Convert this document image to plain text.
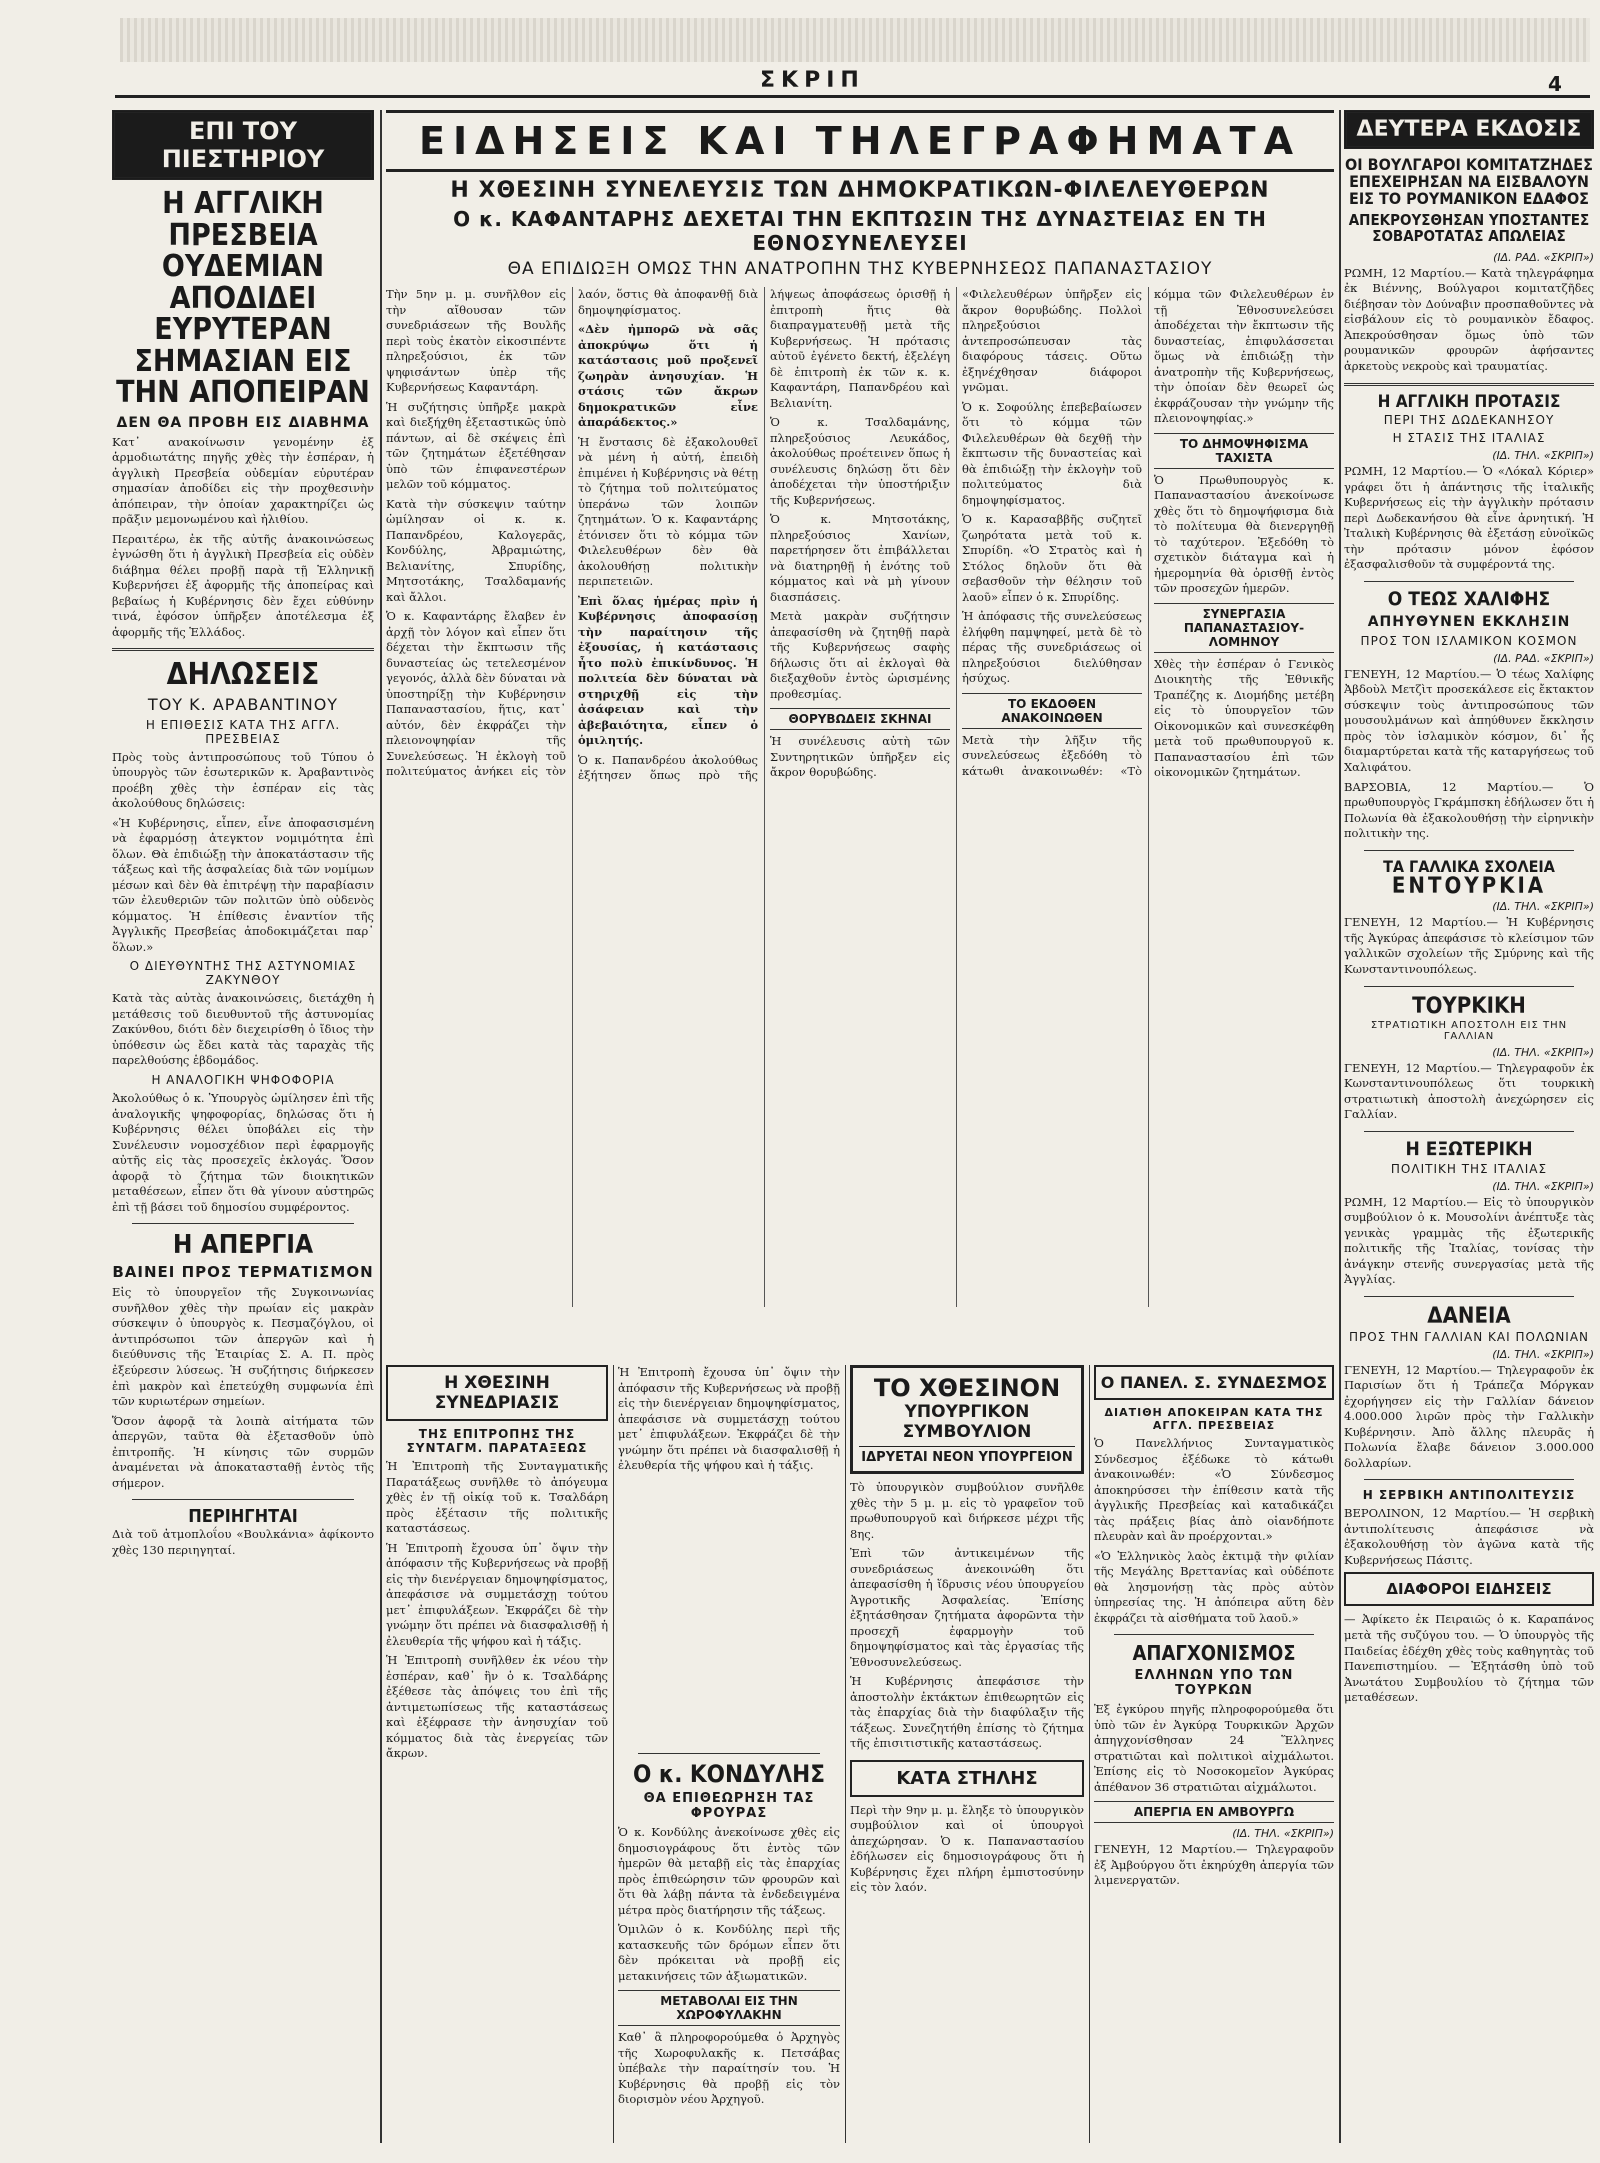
ΣΚΡΙΠ	4
ΕΠΙ ΤΟΥ ΠΙΕΣΤΗΡΙΟΥ
Η ΑΓΓΛΙΚΗ ΠΡΕΣΒΕΙΑ ΟΥΔΕΜΙΑΝ ΑΠΟΔΙΔΕΙ ΕΥΡΥΤΕΡΑΝ ΣΗΜΑΣΙΑΝ ΕΙΣ ΤΗΝ ΑΠΟΠΕΙΡΑΝ
ΔΕΝ ΘΑ ΠΡΟΒΗ ΕΙΣ ΔΙΑΒΗΜΑ

Κατ᾽ ανακοίνωσιν γενομένην ἐξ ἁρμοδιωτάτης πηγῆς χθὲς τὴν ἑσπέραν, ἡ ἀγγλικὴ Πρεσβεία οὐδεμίαν εὐρυτέραν σημασίαν ἀποδίδει εἰς τὴν προχθεσινὴν ἀπόπειραν, τὴν ὁποίαν χαρακτηρίζει ὡς πρᾶξιν μεμονωμένου καὶ ἠλιθίου.

Περαιτέρω, ἐκ τῆς αὐτῆς ἀνακοινώσεως ἐγνώσθη ὅτι ἡ ἀγγλικὴ Πρεσβεία εἰς οὐδὲν διάβημα θέλει προβῇ παρὰ τῇ Ἑλληνικῇ Κυβερνήσει ἐξ ἀφορμῆς τῆς ἀποπείρας καὶ βεβαίως ἡ Κυβέρνησις δὲν ἔχει εὐθύνην τινά, ἐφόσον ὑπῆρξεν ἀποτέλεσμα ἐξ ἀφορμῆς τῆς Ἑλλάδος.

ΔΗΛΩΣΕΙΣ
ΤΟΥ Κ. ΑΡΑΒΑΝΤΙΝΟΥ
Η ΕΠΙΘΕΣΙΣ ΚΑΤΑ ΤΗΣ ΑΓΓΛ. ΠΡΕΣΒΕΙΑΣ

Πρὸς τοὺς ἀντιπροσώπους τοῦ Τύπου ὁ ὑπουργὸς τῶν ἐσωτερικῶν κ. Ἀραβαντινὸς προέβη χθὲς τὴν ἑσπέραν εἰς τὰς ἀκολούθους δηλώσεις:

«Ἡ Κυβέρνησις, εἶπεν, εἶνε ἀποφασισμένη νὰ ἐφαρμόσῃ ἀτεγκτον νομιμότητα ἐπὶ ὅλων. Θὰ ἐπιδιώξῃ τὴν ἀποκατάστασιν τῆς τάξεως καὶ τῆς ἀσφαλείας διὰ τῶν νομίμων μέσων καὶ δὲν θὰ ἐπιτρέψῃ τὴν παραβίασιν τῶν ἐλευθεριῶν τῶν πολιτῶν ὑπὸ οὐδενὸς κόμματος. Ἡ ἐπίθεσις ἐναντίον τῆς Ἀγγλικῆς Πρεσβείας ἀποδοκιμάζεται παρ᾽ ὅλων.»

Ο ΔΙΕΥΘΥΝΤΗΣ ΤΗΣ ΑΣΤΥΝΟΜΙΑΣ ΖΑΚΥΝΘΟΥ

Κατὰ τὰς αὐτὰς ἀνακοινώσεις, διετάχθη ἡ μετάθεσις τοῦ διευθυντοῦ τῆς ἀστυνομίας Ζακύνθου, διότι δὲν διεχειρίσθη ὁ ἴδιος τὴν ὑπόθεσιν ὡς ἔδει κατὰ τὰς ταραχὰς τῆς παρελθούσης ἑβδομάδος.

Η ΑΝΑΛΟΓΙΚΗ ΨΗΦΟΦΟΡΙΑ

Ἀκολούθως ὁ κ. Ὑπουργὸς ὡμίλησεν ἐπὶ τῆς ἀναλογικῆς ψηφοφορίας, δηλώσας ὅτι ἡ Κυβέρνησις θέλει ὑποβάλει εἰς τὴν Συνέλευσιν νομοσχέδιον περὶ ἐφαρμογῆς αὐτῆς εἰς τὰς προσεχεῖς ἐκλογάς. Ὅσον ἀφορᾷ τὸ ζήτημα τῶν διοικητικῶν μεταθέσεων, εἶπεν ὅτι θὰ γίνουν αὐστηρῶς ἐπὶ τῇ βάσει τοῦ δημοσίου συμφέροντος.

Η ΑΠΕΡΓΙΑ
ΒΑΙΝΕΙ ΠΡΟΣ ΤΕΡΜΑΤΙΣΜΟΝ

Εἰς τὸ ὑπουργεῖον τῆς Συγκοινωνίας συνῆλθον χθὲς τὴν πρωίαν εἰς μακρὰν σύσκεψιν ὁ ὑπουργὸς κ. Πεσμαζόγλου, οἱ ἀντιπρόσωποι τῶν ἀπεργῶν καὶ ἡ διεύθυνσις τῆς Ἑταιρίας Σ. Α. Π. πρὸς ἐξεύρεσιν λύσεως. Ἡ συζήτησις διήρκεσεν ἐπὶ μακρὸν καὶ ἐπετεύχθη συμφωνία ἐπὶ τῶν κυριωτέρων σημείων.

Ὅσον ἀφορᾷ τὰ λοιπὰ αἰτήματα τῶν ἀπεργῶν, ταῦτα θὰ ἐξετασθοῦν ὑπὸ ἐπιτροπῆς. Ἡ κίνησις τῶν συρμῶν ἀναμένεται νὰ ἀποκατασταθῇ ἐντὸς τῆς σήμερον.

ΠΕΡΙΗΓΗΤΑΙ

Διὰ τοῦ ἀτμοπλοΐου «Βουλκάνια» ἀφίκοντο χθὲς 130 περιηγηταί.

ΕΙΔΗΣΕΙΣ ΚΑΙ ΤΗΛΕΓΡΑΦΗΜΑΤΑ
Η ΧΘΕΣΙΝΗ ΣΥΝΕΛΕΥΣΙΣ ΤΩΝ ΔΗΜΟΚΡΑΤΙΚΩΝ-ΦΙΛΕΛΕΥΘΕΡΩΝ
Ο κ. ΚΑΦΑΝΤΑΡΗΣ ΔΕΧΕΤΑΙ ΤΗΝ ΕΚΠΤΩΣΙΝ ΤΗΣ ΔΥΝΑΣΤΕΙΑΣ ΕΝ ΤΗ ΕΘΝΟΣΥΝΕΛΕΥΣΕΙ
ΘΑ ΕΠΙΔΙΩΞΗ ΟΜΩΣ ΤΗΝ ΑΝΑΤΡΟΠΗΝ ΤΗΣ ΚΥΒΕΡΝΗΣΕΩΣ ΠΑΠΑΝΑΣΤΑΣΙΟΥ

Τὴν 5ην μ. μ. συνῆλθον εἰς τὴν αἴθουσαν τῶν συνεδριάσεων τῆς Βουλῆς περὶ τοὺς ἑκατὸν εἰκοσιπέντε πληρεξούσιοι, ἐκ τῶν ψηφισάντων ὑπὲρ τῆς Κυβερνήσεως Καφαντάρη.

Ἡ συζήτησις ὑπῆρξε μακρὰ καὶ διεξήχθη ἐξεταστικῶς ὑπὸ πάντων, αἱ δὲ σκέψεις ἐπὶ τῶν ζητημάτων ἐξετέθησαν ὑπὸ τῶν ἐπιφανεστέρων μελῶν τοῦ κόμματος.

Κατὰ τὴν σύσκεψιν ταύτην ὡμίλησαν οἱ κ. κ. Παπανδρέου, Καλογερᾶς, Κονδύλης, Ἀβραμιώτης, Βελιανίτης, Σπυρίδης, Μητσοτάκης, Τσαλδαμανής καὶ ἄλλοι.

Ὁ κ. Καφαντάρης ἔλαβεν ἐν ἀρχῇ τὸν λόγον καὶ εἶπεν ὅτι δέχεται τὴν ἔκπτωσιν τῆς δυναστείας ὡς τετελεσμένον γεγονός, ἀλλὰ δὲν δύναται νὰ ὑποστηρίξῃ τὴν Κυβέρνησιν Παπαναστασίου, ἥτις, κατ᾽ αὐτόν, δὲν ἐκφράζει τὴν πλειονοψηφίαν τῆς Συνελεύσεως. Ἡ ἐκλογὴ τοῦ πολιτεύματος ἀνήκει εἰς τὸν λαόν, ὅστις θὰ ἀποφανθῇ διὰ δημοψηφίσματος.

«Δὲν ἠμπορῶ νὰ σᾶς ἀποκρύψω ὅτι ἡ κατάστασις μοῦ προξενεῖ ζωηρὰν ἀνησυχίαν. Ἡ στάσις τῶν ἄκρων δημοκρατικῶν εἶνε ἀπαράδεκτος.»

Ἡ ἔνστασις δὲ ἐξακολουθεῖ νὰ μένη ἡ αὐτή, ἐπειδὴ ἐπιμένει ἡ Κυβέρνησις νὰ θέτῃ τὸ ζήτημα τοῦ πολιτεύματος ὑπεράνω τῶν λοιπῶν ζητημάτων. Ὁ κ. Καφαντάρης ἐτόνισεν ὅτι τὸ κόμμα τῶν Φιλελευθέρων δὲν θὰ ἀκολουθήσῃ πολιτικὴν περιπετειῶν.

Ἐπὶ ὅλας ἡμέρας πρὶν ἡ Κυβέρνησις ἀποφασίσῃ τὴν παραίτησιν τῆς ἐξουσίας, ἡ κατάστασις ἦτο πολὺ ἐπικίνδυνος. Ἡ πολιτεία δὲν δύναται νὰ στηριχθῇ εἰς τὴν ἀσάφειαν καὶ τὴν ἀβεβαιότητα, εἶπεν ὁ ὁμιλητής.

Ὁ κ. Παπανδρέου ἀκολούθως ἐξήτησεν ὅπως πρὸ τῆς λήψεως ἀποφάσεως ὁρισθῇ ἡ ἐπιτροπὴ ἥτις θὰ διαπραγματευθῇ μετὰ τῆς Κυβερνήσεως. Ἡ πρότασις αὐτοῦ ἐγένετο δεκτή, ἐξελέγη δὲ ἐπιτροπὴ ἐκ τῶν κ. κ. Καφαντάρη, Παπανδρέου καὶ Βελιανίτη.

Ὁ κ. Τσαλδαμάνης, πληρεξούσιος Λευκάδος, ἀκολούθως προέτεινεν ὅπως ἡ συνέλευσις δηλώσῃ ὅτι δὲν ἀποδέχεται τὴν ὑποστήριξιν τῆς Κυβερνήσεως.

Ὁ κ. Μητσοτάκης, πληρεξούσιος Χανίων, παρετήρησεν ὅτι ἐπιβάλλεται νὰ διατηρηθῇ ἡ ἑνότης τοῦ κόμματος καὶ νὰ μὴ γίνουν διασπάσεις.

Μετὰ μακρὰν συζήτησιν ἀπεφασίσθη νὰ ζητηθῇ παρὰ τῆς Κυβερνήσεως σαφὴς δήλωσις ὅτι αἱ ἐκλογαὶ θὰ διεξαχθοῦν ἐντὸς ὡρισμένης προθεσμίας.

ΘΟΡΥΒΩΔΕΙΣ ΣΚΗΝΑΙ

Ἡ συνέλευσις αὐτὴ τῶν Συντηρητικῶν ὑπῆρξεν εἰς ἄκρον θορυβώδης.

«Φιλελευθέρων ὑπῆρξεν εἰς ἄκρον θορυβώδης. Πολλοὶ πληρεξούσιοι ἀντεπροσώπευσαν τὰς διαφόρους τάσεις. Οὕτω ἐξηνέχθησαν διάφοροι γνῶμαι.

Ὁ κ. Σοφούλης ἐπεβεβαίωσεν ὅτι τὸ κόμμα τῶν Φιλελευθέρων θὰ δεχθῇ τὴν ἔκπτωσιν τῆς δυναστείας καὶ θὰ ἐπιδιώξῃ τὴν ἐκλογὴν τοῦ πολιτεύματος διὰ δημοψηφίσματος.

Ὁ κ. Καρασαββῆς συζητεῖ ζωηρότατα μετὰ τοῦ κ. Σπυρίδη. «Ὁ Στρατὸς καὶ ἡ Στόλος δηλοῦν ὅτι θὰ σεβασθοῦν τὴν θέλησιν τοῦ λαοῦ» εἶπεν ὁ κ. Σπυρίδης.

Ἡ ἀπόφασις τῆς συνελεύσεως ἐλήφθη παμψηφεί, μετὰ δὲ τὸ πέρας τῆς συνεδριάσεως οἱ πληρεξούσιοι διελύθησαν ἡσύχως.

ΤΟ ΕΚΔΟΘΕΝ ΑΝΑΚΟΙΝΩΘΕΝ

Μετὰ τὴν λῆξιν τῆς συνελεύσεως ἐξεδόθη τὸ κάτωθι ἀνακοινωθέν: «Τὸ κόμμα τῶν Φιλελευθέρων ἐν τῇ Ἐθνοσυνελεύσει ἀποδέχεται τὴν ἔκπτωσιν τῆς δυναστείας, ἐπιφυλάσσεται ὅμως νὰ ἐπιδιώξῃ τὴν ἀνατροπὴν τῆς Κυβερνήσεως, τὴν ὁποίαν δὲν θεωρεῖ ὡς ἐκφράζουσαν τὴν γνώμην τῆς πλειονοψηφίας.»

ΤΟ ΔΗΜΟΨΗΦΙΣΜΑ ΤΑΧΙΣΤΑ

Ὁ Πρωθυπουργὸς κ. Παπαναστασίου ἀνεκοίνωσε χθὲς ὅτι τὸ δημοψήφισμα διὰ τὸ πολίτευμα θὰ διενεργηθῇ τὸ ταχύτερον. Ἐξεδόθη τὸ σχετικὸν διάταγμα καὶ ἡ ἡμερομηνία θὰ ὁρισθῇ ἐντὸς τῶν προσεχῶν ἡμερῶν.

ΣΥΝΕΡΓΑΣΙΑ ΠΑΠΑΝΑΣΤΑΣΙΟΥ-ΛΟΜΗΝΟΥ

Χθὲς τὴν ἑσπέραν ὁ Γενικὸς Διοικητὴς τῆς Ἐθνικῆς Τραπέζης κ. Διομήδης μετέβη εἰς τὸ ὑπουργεῖον τῶν Οἰκονομικῶν καὶ συνεσκέφθη μετὰ τοῦ πρωθυπουργοῦ κ. Παπαναστασίου ἐπὶ τῶν οἰκονομικῶν ζητημάτων.

Η ΧΘΕΣΙΝΗ ΣΥΝΕΔΡΙΑΣΙΣ
ΤΗΣ ΕΠΙΤΡΟΠΗΣ ΤΗΣ ΣΥΝΤΑΓΜ. ΠΑΡΑΤΑΞΕΩΣ

Ἡ Ἐπιτροπὴ τῆς Συνταγματικῆς Παρατάξεως συνῆλθε τὸ ἀπόγευμα χθὲς ἐν τῇ οἰκίᾳ τοῦ κ. Τσαλδάρη πρὸς ἐξέτασιν τῆς πολιτικῆς καταστάσεως.

Ἡ Ἐπιτροπὴ ἔχουσα ὑπ᾽ ὄψιν τὴν ἀπόφασιν τῆς Κυβερνήσεως νὰ προβῇ εἰς τὴν διενέργειαν δημοψηφίσματος, ἀπεφάσισε νὰ συμμετάσχῃ τούτου μετ᾽ ἐπιφυλάξεων. Ἐκφράζει δὲ τὴν γνώμην ὅτι πρέπει νὰ διασφαλισθῇ ἡ ἐλευθερία τῆς ψήφου καὶ ἡ τάξις.

Ἡ Ἐπιτροπὴ συνῆλθεν ἐκ νέου τὴν ἑσπέραν, καθ᾽ ἣν ὁ κ. Τσαλδάρης ἐξέθεσε τὰς ἀπόψεις του ἐπὶ τῆς ἀντιμετωπίσεως τῆς καταστάσεως καὶ ἐξέφρασε τὴν ἀνησυχίαν τοῦ κόμματος διὰ τὰς ἐνεργείας τῶν ἄκρων.

Ἡ Ἐπιτροπὴ ἔχουσα ὑπ᾽ ὄψιν τὴν ἀπόφασιν τῆς Κυβερνήσεως νὰ προβῇ εἰς τὴν διενέργειαν δημοψηφίσματος, ἀπεφάσισε νὰ συμμετάσχῃ τούτου μετ᾽ ἐπιφυλάξεων. Ἐκφράζει δὲ τὴν γνώμην ὅτι πρέπει νὰ διασφαλισθῇ ἡ ἐλευθερία τῆς ψήφου καὶ ἡ τάξις.

Ο κ. ΚΟΝΔΥΛΗΣ
ΘΑ ΕΠΙΘΕΩΡΗΣΗ ΤΑΣ ΦΡΟΥΡΑΣ

Ὁ κ. Κονδύλης ἀνεκοίνωσε χθὲς εἰς δημοσιογράφους ὅτι ἐντὸς τῶν ἡμερῶν θὰ μεταβῇ εἰς τὰς ἐπαρχίας πρὸς ἐπιθεώρησιν τῶν φρουρῶν καὶ ὅτι θὰ λάβῃ πάντα τὰ ἐνδεδειγμένα μέτρα πρὸς διατήρησιν τῆς τάξεως.

Ὁμιλῶν ὁ κ. Κονδύλης περὶ τῆς κατασκευῆς τῶν δρόμων εἶπεν ὅτι δὲν πρόκειται νὰ προβῇ εἰς μετακινήσεις τῶν ἀξιωματικῶν.

ΜΕΤΑΒΟΛΑΙ ΕΙΣ ΤΗΝ ΧΩΡΟΦΥΛΑΚΗΝ

Καθ᾽ ἃ πληροφορούμεθα ὁ Ἀρχηγὸς τῆς Χωροφυλακῆς κ. Πετσάβας ὑπέβαλε τὴν παραίτησίν του. Ἡ Κυβέρνησις θὰ προβῇ εἰς τὸν διορισμὸν νέου Ἀρχηγοῦ.

ΤΟ ΧΘΕΣΙΝΟΝ
ΥΠΟΥΡΓΙΚΟΝ ΣΥΜΒΟΥΛΙΟΝ
ΙΔΡΥΕΤΑΙ ΝΕΟΝ ΥΠΟΥΡΓΕΙΟΝ

Τὸ ὑπουργικὸν συμβούλιον συνῆλθε χθὲς τὴν 5 μ. μ. εἰς τὸ γραφεῖον τοῦ πρωθυπουργοῦ καὶ διήρκεσε μέχρι τῆς 8ης.

Ἐπὶ τῶν ἀντικειμένων τῆς συνεδριάσεως ἀνεκοινώθη ὅτι ἀπεφασίσθη ἡ ἵδρυσις νέου ὑπουργείου Ἀγροτικῆς Ἀσφαλείας. Ἐπίσης ἐξητάσθησαν ζητήματα ἀφορῶντα τὴν προσεχῆ ἐφαρμογὴν τοῦ δημοψηφίσματος καὶ τὰς ἐργασίας τῆς Ἐθνοσυνελεύσεως.

Ἡ Κυβέρνησις ἀπεφάσισε τὴν ἀποστολὴν ἐκτάκτων ἐπιθεωρητῶν εἰς τὰς ἐπαρχίας διὰ τὴν διαφύλαξιν τῆς τάξεως. Συνεζητήθη ἐπίσης τὸ ζήτημα τῆς ἐπισιτιστικῆς καταστάσεως.

ΚΑΤΑ ΣΤΗΛΗΣ

Περὶ τὴν 9ην μ. μ. ἔληξε τὸ ὑπουργικὸν συμβούλιον καὶ οἱ ὑπουργοὶ ἀπεχώρησαν. Ὁ κ. Παπαναστασίου ἐδήλωσεν εἰς δημοσιογράφους ὅτι ἡ Κυβέρνησις ἔχει πλήρη ἐμπιστοσύνην εἰς τὸν λαόν.

Ο ΠΑΝΕΛ. Σ. ΣΥΝΔΕΣΜΟΣ
ΔΙΑΤΙΘΗ ΑΠΟΚΕΙΡΑΝ ΚΑΤΑ ΤΗΣ ΑΓΓΛ. ΠΡΕΣΒΕΙΑΣ

Ὁ Πανελλήνιος Συνταγματικὸς Σύνδεσμος ἐξέδωκε τὸ κάτωθι ἀνακοινωθέν: «Ὁ Σύνδεσμος ἀποκηρύσσει τὴν ἐπίθεσιν κατὰ τῆς ἀγγλικῆς Πρεσβείας καὶ καταδικάζει τὰς πράξεις βίας ἀπὸ οἱανδήποτε πλευρὰν καὶ ἂν προέρχονται.»

«Ὁ Ἑλληνικὸς λαὸς ἐκτιμᾷ τὴν φιλίαν τῆς Μεγάλης Βρεττανίας καὶ οὐδέποτε θὰ λησμονήσῃ τὰς πρὸς αὐτὸν ὑπηρεσίας της. Ἡ ἀπόπειρα αὕτη δὲν ἐκφράζει τὰ αἰσθήματα τοῦ λαοῦ.»

ΑΠΑΓΧΟΝΙΣΜΟΣ
ΕΛΛΗΝΩΝ ΥΠΟ ΤΩΝ ΤΟΥΡΚΩΝ

Ἐξ ἐγκύρου πηγῆς πληροφορούμεθα ὅτι ὑπὸ τῶν ἐν Ἀγκύρᾳ Τουρκικῶν Ἀρχῶν ἀπηγχονίσθησαν 24 Ἕλληνες στρατιῶται καὶ πολιτικοὶ αἰχμάλωτοι. Ἐπίσης εἰς τὸ Νοσοκομεῖον Ἀγκύρας ἀπέθανον 36 στρατιῶται αἰχμάλωτοι.

ΑΠΕΡΓΙΑ ΕΝ ΑΜΒΟΥΡΓΩ
(ΙΔ. ΤΗΛ. «ΣΚΡΙΠ»)

ΓΕΝΕΥΗ, 12 Μαρτίου.— Τηλεγραφοῦν ἐξ Ἀμβούργου ὅτι ἐκηρύχθη ἀπεργία τῶν λιμενεργατῶν.

ΔΕΥΤΕΡΑ ΕΚΔΟΣΙΣ
ΟΙ ΒΟΥΛΓΑΡΟΙ ΚΟΜΙΤΑΤΖΗΔΕΣ ΕΠΕΧΕΙΡΗΣΑΝ ΝΑ ΕΙΣΒΑΛΟΥΝ ΕΙΣ ΤΟ ΡΟΥΜΑΝΙΚΟΝ ΕΔΑΦΟΣ
ΑΠΕΚΡΟΥΣΘΗΣΑΝ ΥΠΟΣΤΑΝΤΕΣ ΣΟΒΑΡΟΤΑΤΑΣ ΑΠΩΛΕΙΑΣ
(ΙΔ. ΡΑΔ. «ΣΚΡΙΠ»)

ΡΩΜΗ, 12 Μαρτίου.— Κατὰ τηλεγράφημα ἐκ Βιέννης, Βούλγαροι κομιτατζῆδες διέβησαν τὸν Δούναβιν προσπαθοῦντες νὰ εἰσβάλουν εἰς τὸ ρουμανικὸν ἔδαφος. Ἀπεκρούσθησαν ὅμως ὑπὸ τῶν ρουμανικῶν φρουρῶν ἀφήσαντες ἀρκετοὺς νεκροὺς καὶ τραυματίας.

Η ΑΓΓΛΙΚΗ ΠΡΟΤΑΣΙΣ
ΠΕΡΙ ΤΗΣ ΔΩΔΕΚΑΝΗΣΟΥ
Η ΣΤΑΣΙΣ ΤΗΣ ΙΤΑΛΙΑΣ
(ΙΔ. ΤΗΛ. «ΣΚΡΙΠ»)

ΡΩΜΗ, 12 Μαρτίου.— Ὁ «Λόκαλ Κόριερ» γράφει ὅτι ἡ ἀπάντησις τῆς ἰταλικῆς Κυβερνήσεως εἰς τὴν ἀγγλικὴν πρότασιν περὶ Δωδεκανήσου θὰ εἶνε ἀρνητική. Ἡ Ἰταλικὴ Κυβέρνησις θὰ ἐξετάσῃ εὐνοϊκῶς τὴν πρότασιν μόνον ἐφόσον ἐξασφαλισθοῦν τὰ συμφέροντά της.

Ο ΤΕΩΣ ΧΑΛΙΦΗΣ
ΑΠΗΥΘΥΝΕΝ ΕΚΚΛΗΣΙΝ
ΠΡΟΣ ΤΟΝ ΙΣΛΑΜΙΚΟΝ ΚΟΣΜΟΝ
(ΙΔ. ΡΑΔ. «ΣΚΡΙΠ»)

ΓΕΝΕΥΗ, 12 Μαρτίου.— Ὁ τέως Χαλίφης Ἀβδοὺλ Μετζὶτ προσεκάλεσε εἰς ἔκτακτον σύσκεψιν τοὺς ἀντιπροσώπους τῶν μουσουλμάνων καὶ ἀπηύθυνεν ἔκκλησιν πρὸς τὸν ἰσλαμικὸν κόσμον, δι᾽ ἧς διαμαρτύρεται κατὰ τῆς καταργήσεως τοῦ Χαλιφάτου.

ΒΑΡΣΟΒΙΑ, 12 Μαρτίου.— Ὁ πρωθυπουργὸς Γκράμπσκη ἐδήλωσεν ὅτι ἡ Πολωνία θὰ ἐξακολουθήσῃ τὴν εἰρηνικὴν πολιτικὴν της.

ΤΑ ΓΑΛΛΙΚΑ ΣΧΟΛΕΙΑ
ΕΝΤΟΥΡΚΙΑ
(ΙΔ. ΤΗΛ. «ΣΚΡΙΠ»)

ΓΕΝΕΥΗ, 12 Μαρτίου.— Ἡ Κυβέρνησις τῆς Ἀγκύρας ἀπεφάσισε τὸ κλείσιμον τῶν γαλλικῶν σχολείων τῆς Σμύρνης καὶ τῆς Κωνσταντινουπόλεως.

ΤΟΥΡΚΙΚΗ
ΣΤΡΑΤΙΩΤΙΚΗ ΑΠΟΣΤΟΛΗ ΕΙΣ ΤΗΝ ΓΑΛΛΙΑΝ
(ΙΔ. ΤΗΛ. «ΣΚΡΙΠ»)

ΓΕΝΕΥΗ, 12 Μαρτίου.— Τηλεγραφοῦν ἐκ Κωνσταντινουπόλεως ὅτι τουρκικὴ στρατιωτικὴ ἀποστολὴ ἀνεχώρησεν εἰς Γαλλίαν.

Η ΕΞΩΤΕΡΙΚΗ
ΠΟΛΙΤΙΚΗ ΤΗΣ ΙΤΑΛΙΑΣ
(ΙΔ. ΤΗΛ. «ΣΚΡΙΠ»)

ΡΩΜΗ, 12 Μαρτίου.— Εἰς τὸ ὑπουργικὸν συμβούλιον ὁ κ. Μουσολίνι ἀνέπτυξε τὰς γενικὰς γραμμὰς τῆς ἐξωτερικῆς πολιτικῆς τῆς Ἰταλίας, τονίσας τὴν ἀνάγκην στενῆς συνεργασίας μετὰ τῆς Ἀγγλίας.

ΔΑΝΕΙΑ
ΠΡΟΣ ΤΗΝ ΓΑΛΛΙΑΝ ΚΑΙ ΠΟΛΩΝΙΑΝ
(ΙΔ. ΤΗΛ. «ΣΚΡΙΠ»)

ΓΕΝΕΥΗ, 12 Μαρτίου.— Τηλεγραφοῦν ἐκ Παρισίων ὅτι ἡ Τράπεζα Μόργκαν ἐχορήγησεν εἰς τὴν Γαλλίαν δάνειον 4.000.000 λιρῶν πρὸς τὴν Γαλλικὴν Κυβέρνησιν. Ἀπὸ ἄλλης πλευρᾶς ἡ Πολωνία ἔλαβε δάνειον 3.000.000 δολλαρίων.

Η ΣΕΡΒΙΚΗ ΑΝΤΙΠΟΛΙΤΕΥΣΙΣ

ΒΕΡΟΛΙΝΟΝ, 12 Μαρτίου.— Ἡ σερβικὴ ἀντιπολίτευσις ἀπεφάσισε νὰ ἐξακολουθήσῃ τὸν ἀγῶνα κατὰ τῆς Κυβερνήσεως Πάσιτς.

ΔΙΑΦΟΡΟΙ ΕΙΔΗΣΕΙΣ

— Ἀφίκετο ἐκ Πειραιῶς ὁ κ. Καραπάνος μετὰ τῆς συζύγου του. — Ὁ ὑπουργὸς τῆς Παιδείας ἐδέχθη χθὲς τοὺς καθηγητὰς τοῦ Πανεπιστημίου. — Ἐξητάσθη ὑπὸ τοῦ Ἀνωτάτου Συμβουλίου τὸ ζήτημα τῶν μεταθέσεων.
